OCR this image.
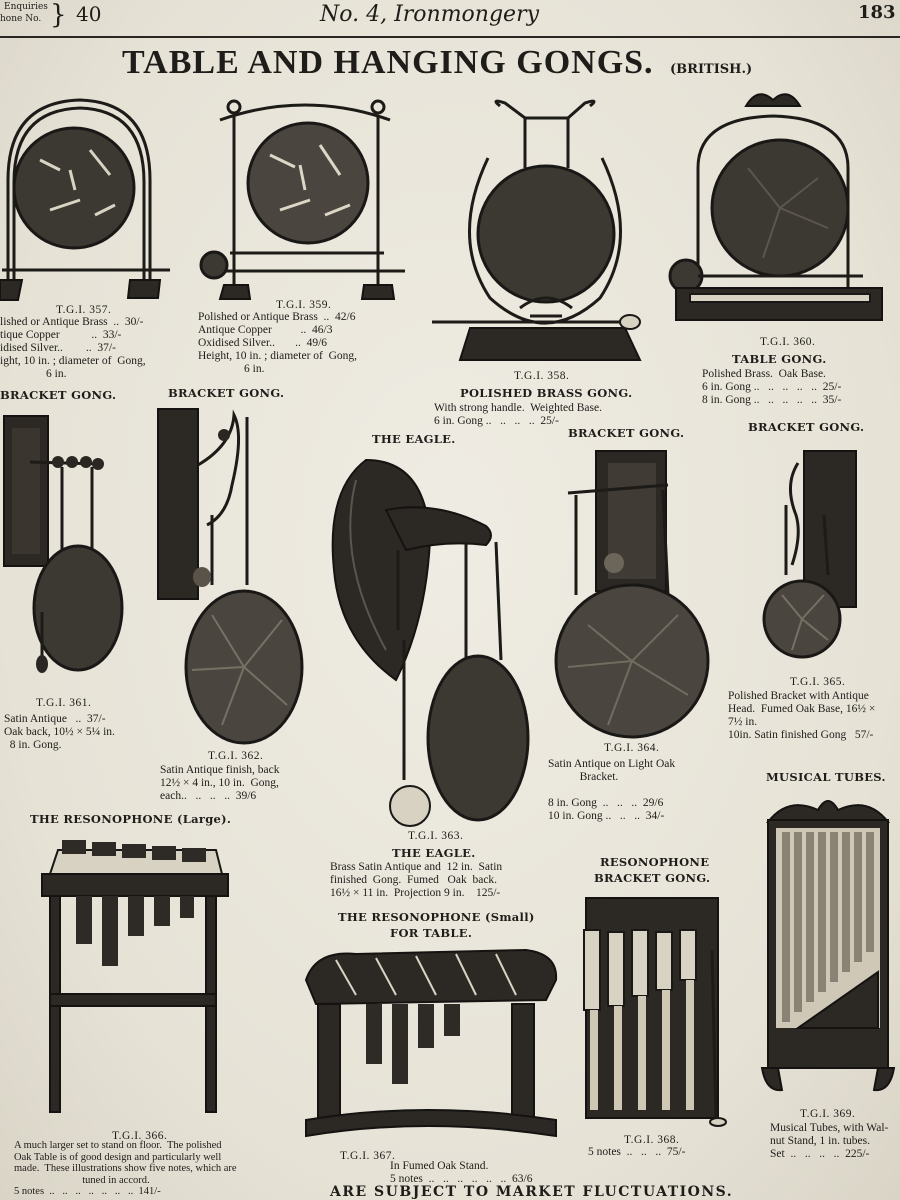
Enquiries
hone No. } 40	No. 4, Ironmongery	183
TABLE AND HANGING GONGS. (BRITISH.)
T.G.I. 357.
lished or Antique Brass  ..  30/-
tique Copper           ..  33/-
idised Silver..        ..  37/-
ight, 10 in. ; diameter of  Gong,
6 in.
T.G.I. 359.
Polished or Antique Brass  ..  42/6
Antique Copper          ..  46/3
Oxidised Silver..       ..  49/6
Height, 10 in. ; diameter of  Gong,
6 in.
T.G.I. 358.
POLISHED BRASS GONG.
With strong handle.  Weighted Base.
6 in. Gong ..   ..   ..   ..  25/-
T.G.I. 360.
TABLE GONG.
Polished Brass.  Oak Base.
6 in. Gong ..   ..   ..   ..   ..  25/-
8 in. Gong ..   ..   ..   ..   ..  35/-
BRACKET GONG.	BRACKET GONG.
THE EAGLE.	BRACKET GONG.	BRACKET GONG.
T.G.I. 361.
Satin Antique   ..  37/-
Oak back, 10½ × 5¼ in.
8 in. Gong.
T.G.I. 362.
Satin Antique finish, back
12½ × 4 in., 10 in.  Gong,
each..   ..   ..   ..  39/6
T.G.I. 363.
THE EAGLE.
Brass Satin Antique and  12 in.  Satin
finished  Gong.  Fumed   Oak  back.
16½ × 11 in.  Projection 9 in.    125/-
T.G.I. 364.
Satin Antique on Light Oak
Bracket.

8 in. Gong  ..   ..   ..  29/6
10 in. Gong ..   ..   ..  34/-
T.G.I. 365.
Polished Bracket with Antique
Head.  Fumed Oak Base, 16½ ×
7½ in.
10in. Satin finished Gong   57/-
THE RESONOPHONE (Large).
MUSICAL TUBES.
RESONOPHONE
BRACKET GONG.
THE RESONOPHONE (Small)
FOR TABLE.
T.G.I. 366.
A much larger set to stand on floor.  The polished
Oak Table is of good design and particularly well
made.  These illustrations show five notes, which are
tuned in accord.
5 notes  ..   ..   ..   ..   ..   ..   ..  141/-
T.G.I. 367.
In Fumed Oak Stand.
5 notes  ..   ..   ..   ..   ..   ..  63/6
T.G.I. 368.
5 notes  ..   ..   ..  75/-
T.G.I. 369.
Musical Tubes, with Wal-
nut Stand, 1 in. tubes.
Set  ..   ..   ..   ..  225/-
ARE SUBJECT TO MARKET FLUCTUATIONS.
